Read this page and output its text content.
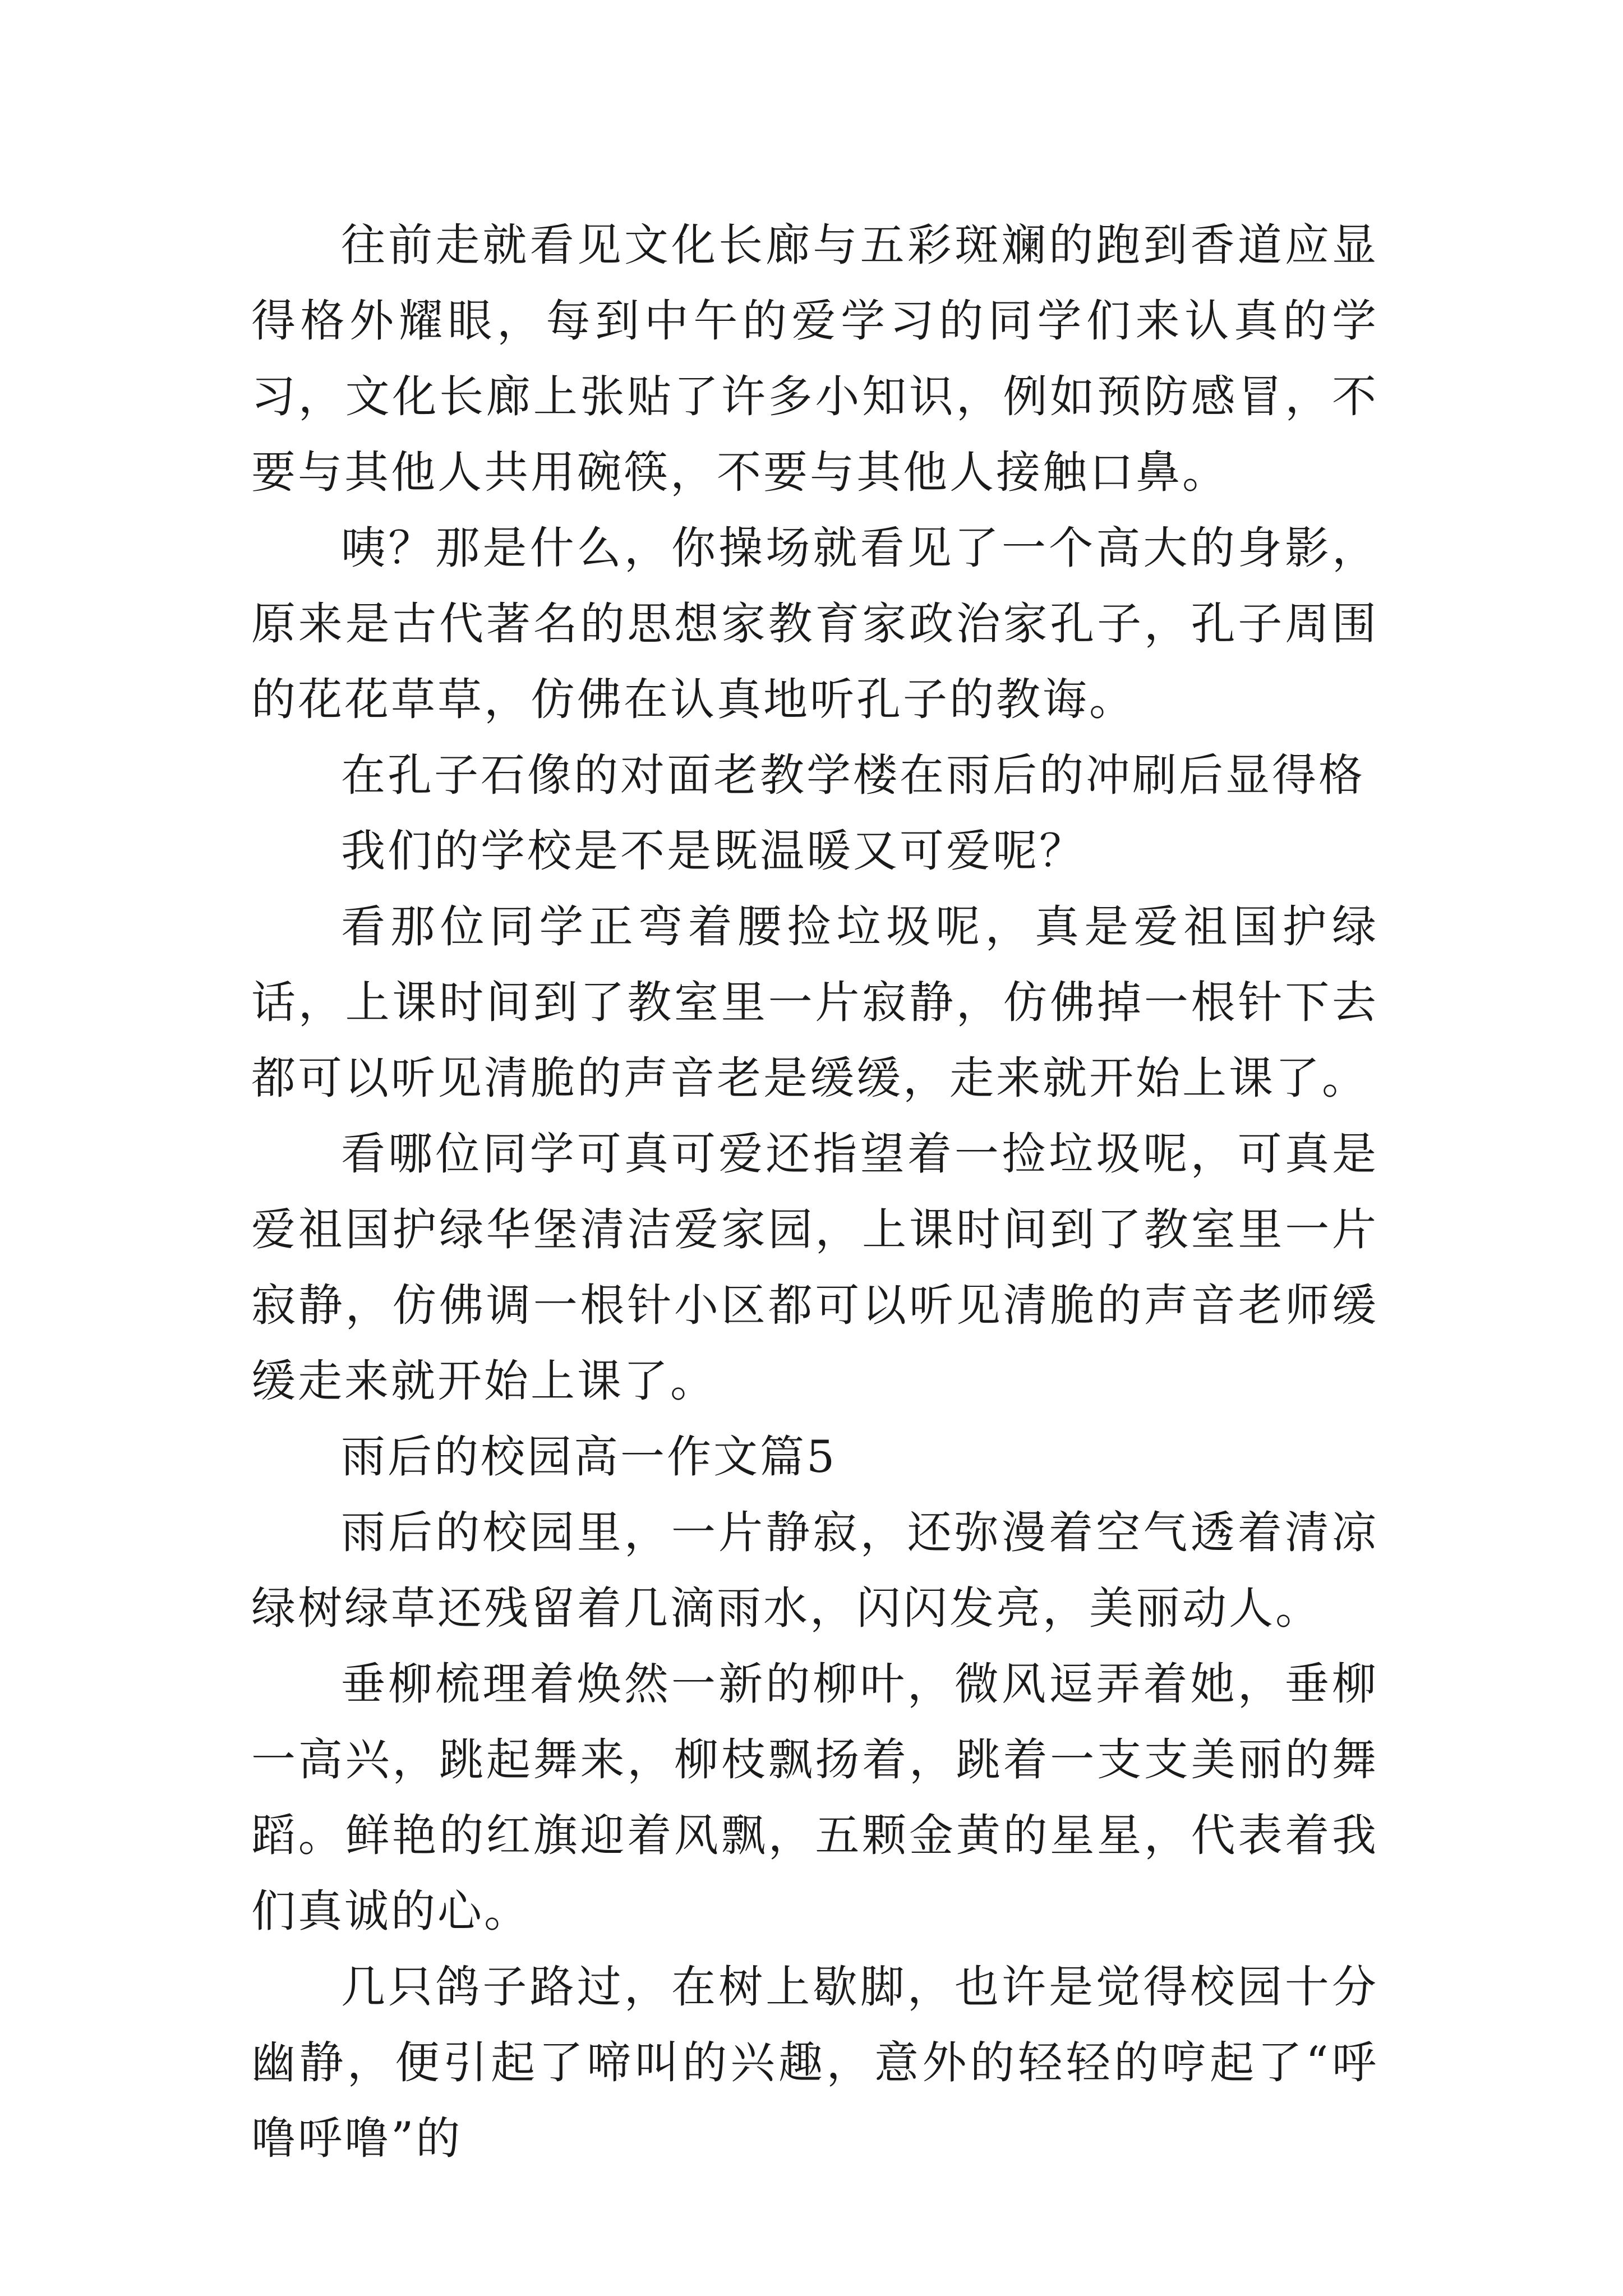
往前走就看见文化长廊与五彩斑斓的跑到香道应显得格外耀眼，每到中午的爱学习的同学们来认真的学习，文化长廊上张贴了许多小知识，例如预防感冒，不要与其他人共用碗筷，不要与其他人接触口鼻。

咦？那是什么，你操场就看见了一个高大的身影，原来是古代著名的思想家教育家政治家孔子，孔子周围的花花草草，仿佛在认真地听孔子的教诲。

在孔子石像的对面老教学楼在雨后的冲刷后显得格

我们的学校是不是既温暖又可爱呢？

看那位同学正弯着腰捡垃圾呢，真是爱祖国护绿话，上课时间到了教室里一片寂静，仿佛掉一根针下去都可以听见清脆的声音老是缓缓，走来就开始上课了。

看哪位同学可真可爱还指望着一捡垃圾呢，可真是爱祖国护绿华堡清洁爱家园，上课时间到了教室里一片寂静，仿佛调一根针小区都可以听见清脆的声音老师缓缓走来就开始上课了。

雨后的校园高一作文篇5

雨后的校园里，一片静寂，还弥漫着空气透着清凉绿树绿草还残留着几滴雨水，闪闪发亮，美丽动人。

垂柳梳理着焕然一新的柳叶，微风逗弄着她，垂柳一高兴，跳起舞来，柳枝飘扬着，跳着一支支美丽的舞蹈。鲜艳的红旗迎着风飘，五颗金黄的星星，代表着我们真诚的心。

几只鸽子路过，在树上歇脚，也许是觉得校园十分幽静，便引起了啼叫的兴趣，意外的轻轻的哼起了“呼噜呼噜”的
